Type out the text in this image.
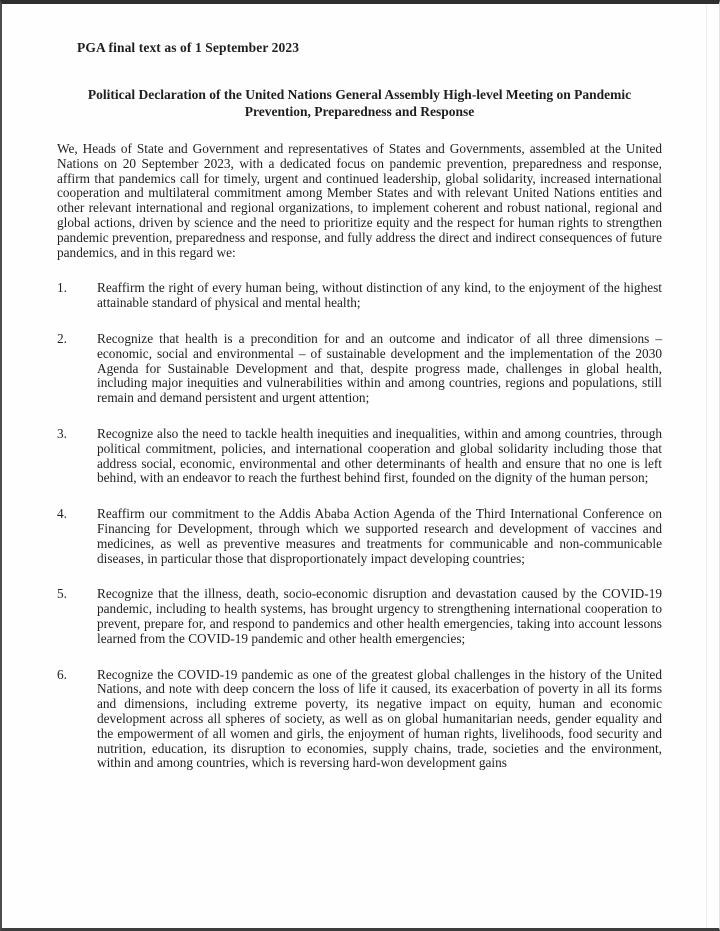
PGA final text as of 1 September 2023
Political Declaration of the United Nations General Assembly High-level Meeting on Pandemic
Prevention, Preparedness and Response

We, Heads of State and Government and representatives of States and Governments, assembled at the United Nations on 20 September 2023, with a dedicated focus on pandemic prevention, preparedness and response, affirm that pandemics call for timely, urgent and continued leadership, global solidarity, increased international cooperation and multilateral commitment among Member States and with relevant United Nations entities and other relevant international and regional organizations, to implement coherent and robust national, regional and global actions, driven by science and the need to prioritize equity and the respect for human rights to strengthen pandemic prevention, preparedness and response, and fully address the direct and indirect consequences of future pandemics, and in this regard we:

1.	Reaffirm the right of every human being, without distinction of any kind, to the enjoyment of the highest attainable standard of physical and mental health;
2.	Recognize that health is a precondition for and an outcome and indicator of all three dimensions – economic, social and environmental – of sustainable development and the implementation of the 2030 Agenda for Sustainable Development and that, despite progress made, challenges in global health, including major inequities and vulnerabilities within and among countries, regions and populations, still remain and demand persistent and urgent attention;
3.	Recognize also the need to tackle health inequities and inequalities, within and among countries, through political commitment, policies, and international cooperation and global solidarity including those that address social, economic, environmental and other determinants of health and ensure that no one is left behind, with an endeavor to reach the furthest behind first, founded on the dignity of the human person;
4.	Reaffirm our commitment to the Addis Ababa Action Agenda of the Third International Conference on Financing for Development, through which we supported research and development of vaccines and medicines, as well as preventive measures and treatments for communicable and non-communicable diseases, in particular those that disproportionately impact developing countries;
5.	Recognize that the illness, death, socio-economic disruption and devastation caused by the COVID-19 pandemic, including to health systems, has brought urgency to strengthening international cooperation to prevent, prepare for, and respond to pandemics and other health emergencies, taking into account lessons learned from the COVID-19 pandemic and other health emergencies;
6.	Recognize the COVID-19 pandemic as one of the greatest global challenges in the history of the United Nations, and note with deep concern the loss of life it caused, its exacerbation of poverty in all its forms and dimensions, including extreme poverty, its negative impact on equity, human and economic development across all spheres of society, as well as on global humanitarian needs, gender equality and the empowerment of all women and girls, the enjoyment of human rights, livelihoods, food security and nutrition, education, its disruption to economies, supply chains, trade, societies and the environment, within and among countries, which is reversing hard-won development gains
